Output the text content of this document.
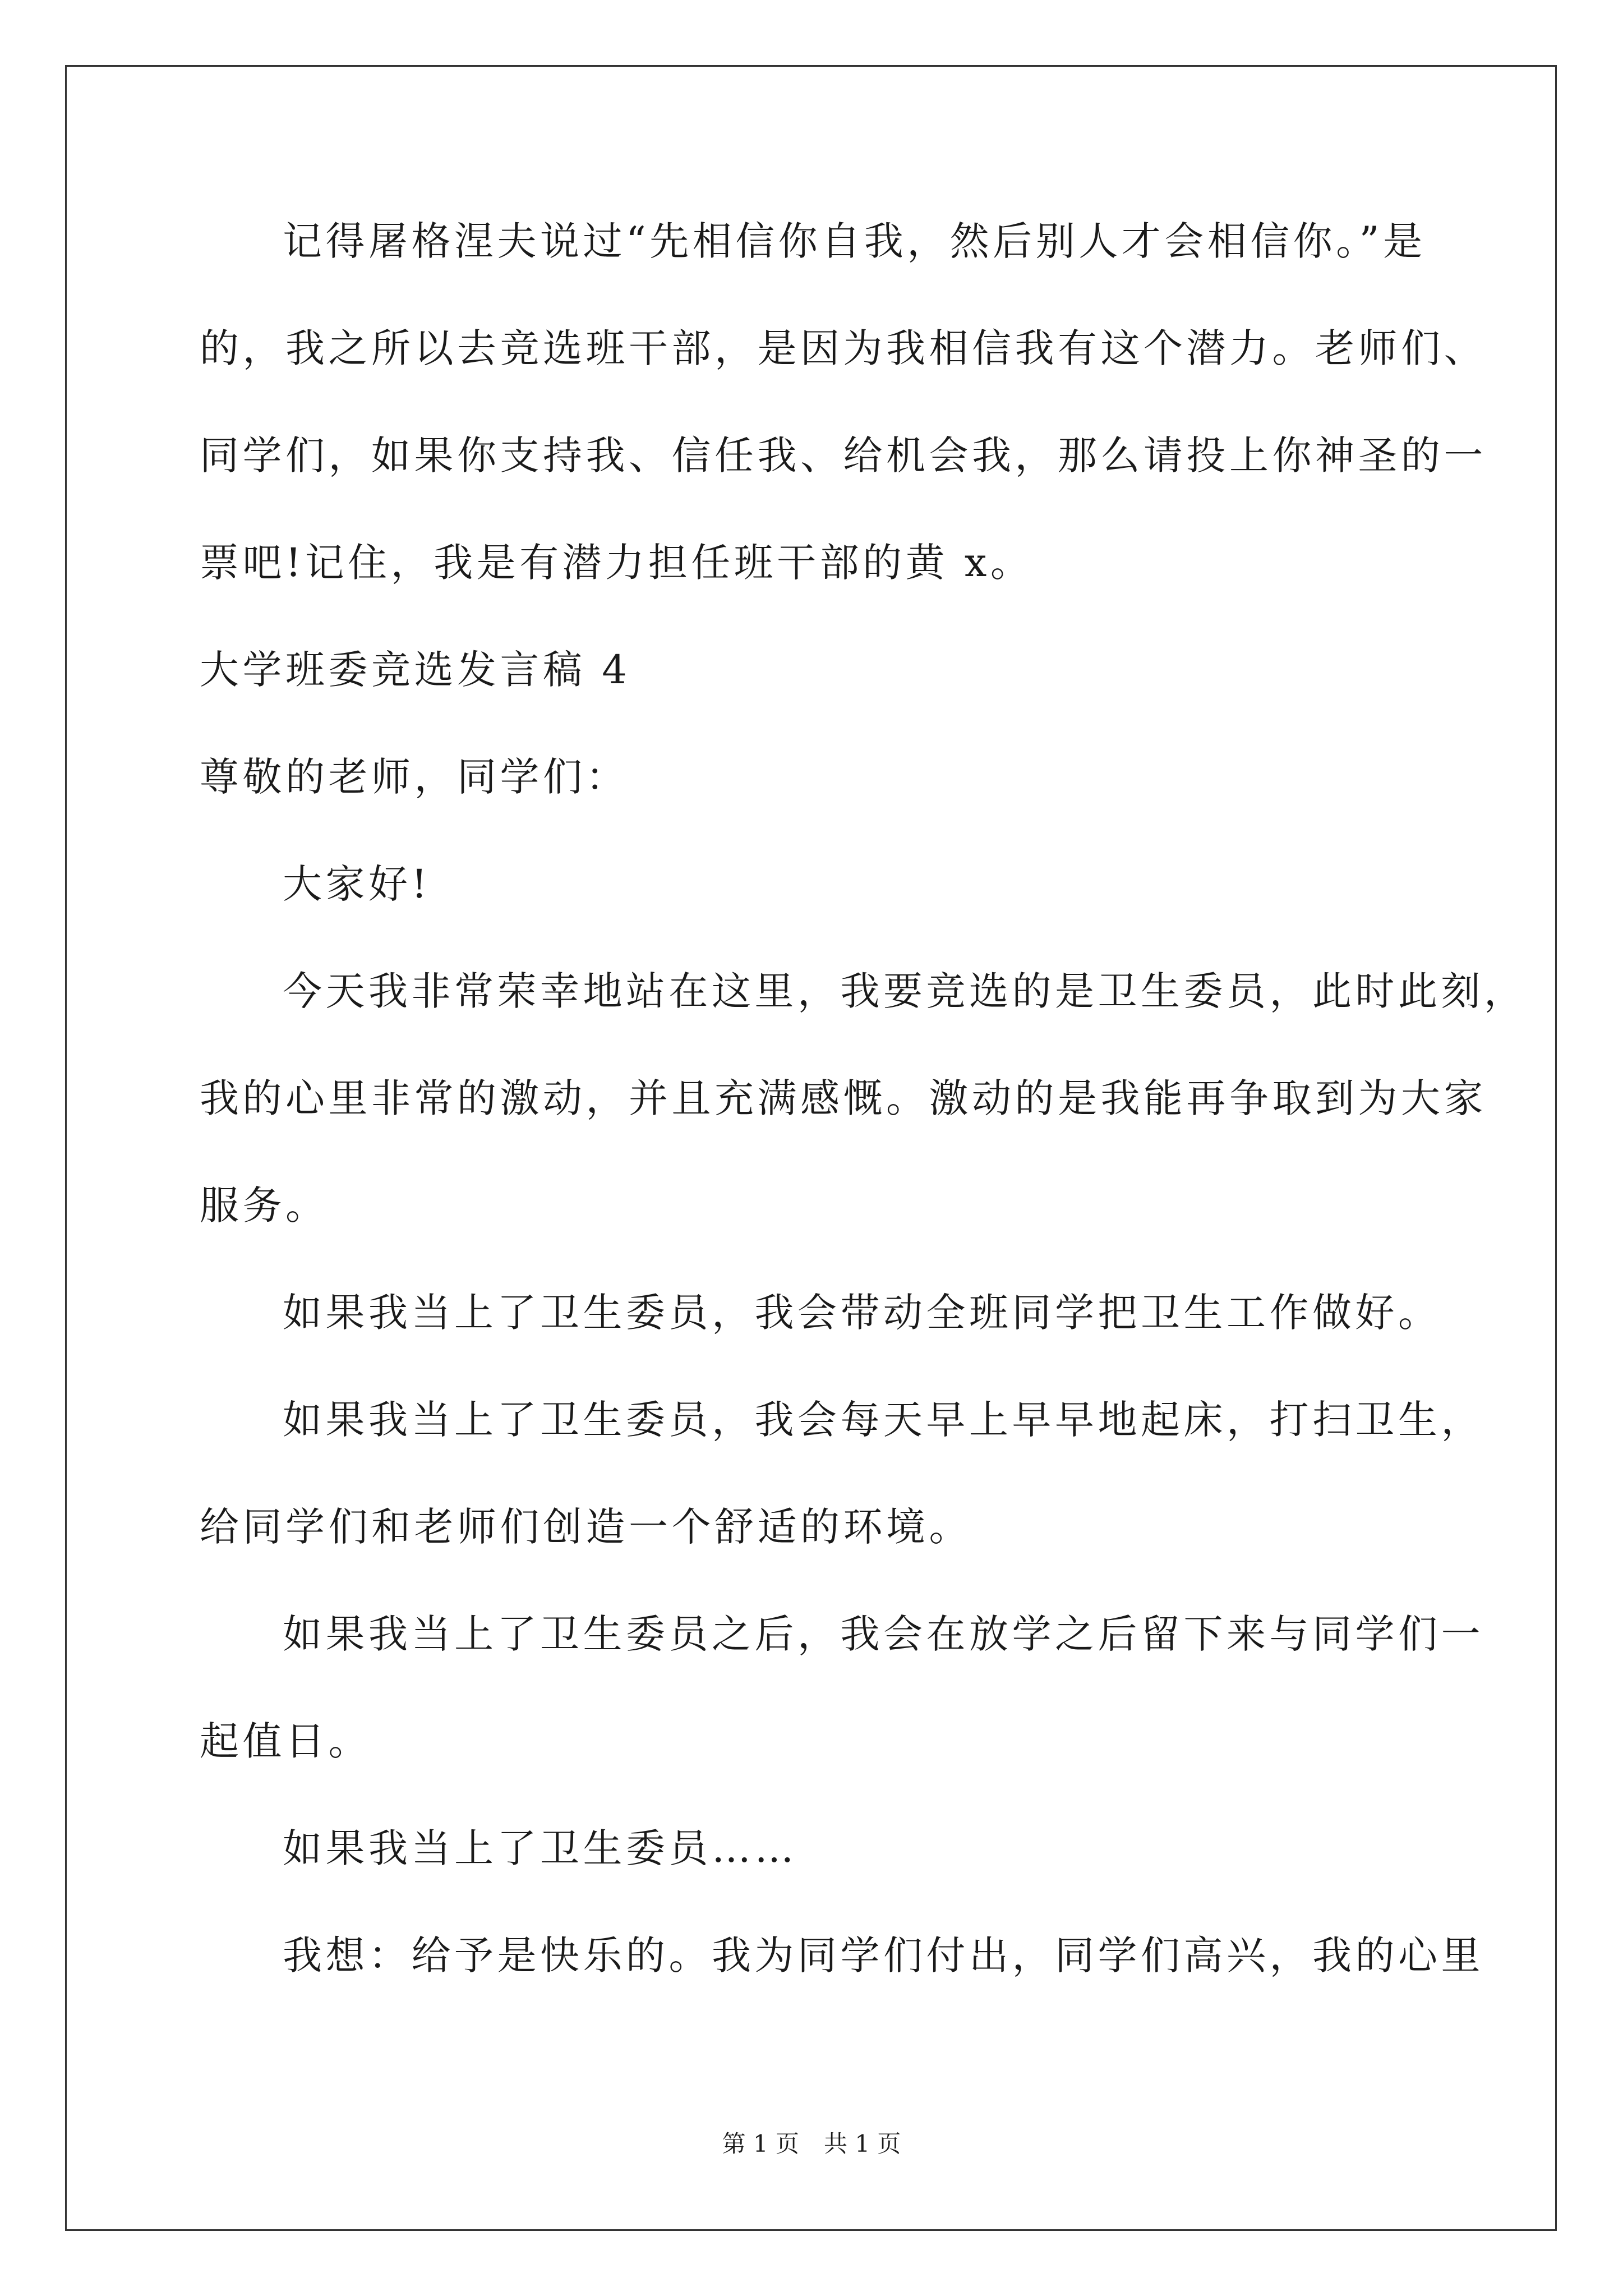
记得屠格涅夫说过“先相信你自我，然后别人才会相信你。”是
的，我之所以去竞选班干部，是因为我相信我有这个潜力。老师们、
同学们，如果你支持我、信任我、给机会我，那么请投上你神圣的一
票吧!记住，我是有潜力担任班干部的黄 x。
大学班委竞选发言稿 4
尊敬的老师，同学们：
大家好!
今天我非常荣幸地站在这里，我要竞选的是卫生委员，此时此刻，
我的心里非常的激动，并且充满感慨。激动的是我能再争取到为大家
服务。
如果我当上了卫生委员，我会带动全班同学把卫生工作做好。
如果我当上了卫生委员，我会每天早上早早地起床，打扫卫生，
给同学们和老师们创造一个舒适的环境。
如果我当上了卫生委员之后，我会在放学之后留下来与同学们一
起值日。
如果我当上了卫生委员……
我想：给予是快乐的。我为同学们付出，同学们高兴，我的心里
第 1 页 共 1 页
